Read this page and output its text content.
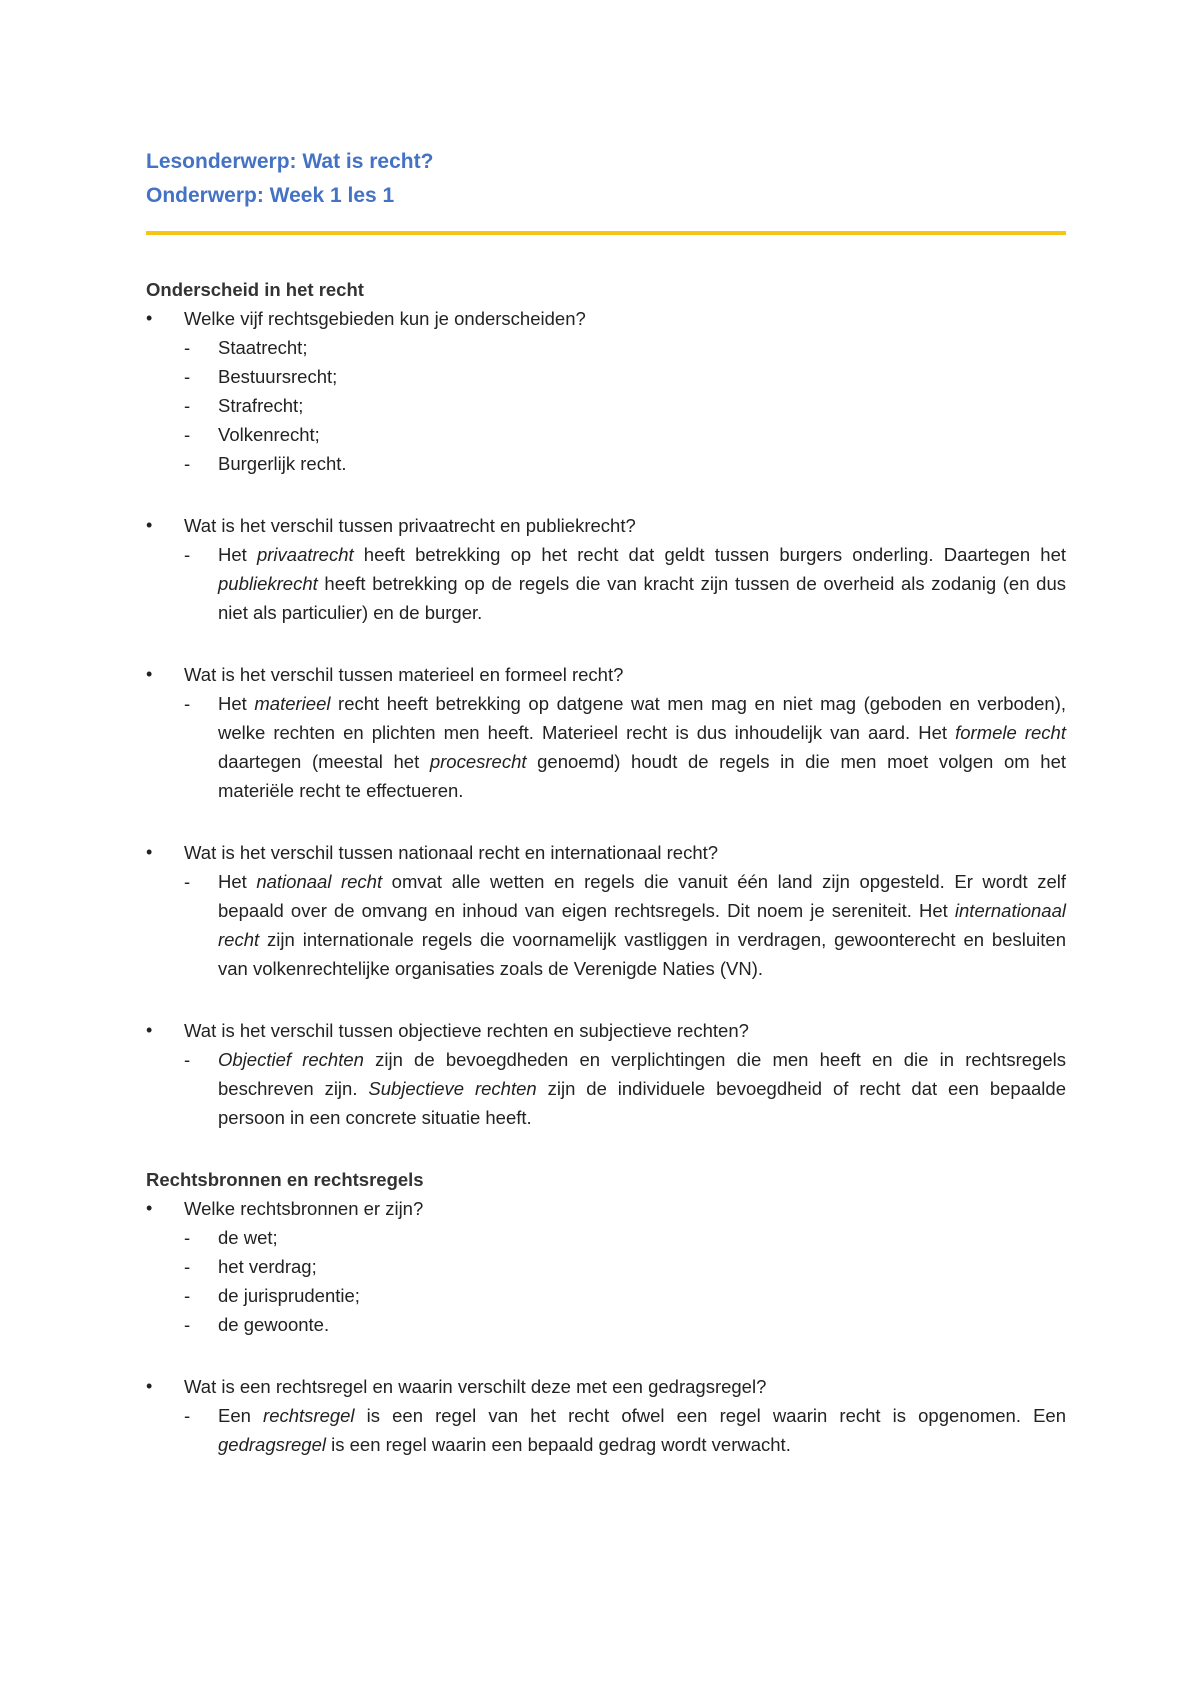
Lesonderwerp: Wat is recht?
Onderwerp: Week 1 les 1

Onderscheid in het recht

• Welke vijf rechtsgebieden kun je onderscheiden?

- Staatrecht;
- Bestuursrecht;
- Strafrecht;
- Volkenrecht;
- Burgerlijk recht.

• Wat is het verschil tussen privaatrecht en publiekrecht?

- Het privaatrecht heeft betrekking op het recht dat geldt tussen burgers onderling. Daartegen het publiekrecht heeft betrekking op de regels die van kracht zijn tussen de overheid als zodanig (en dus niet als particulier) en de burger.

• Wat is het verschil tussen materieel en formeel recht?

- Het materieel recht heeft betrekking op datgene wat men mag en niet mag (geboden en verboden), welke rechten en plichten men heeft. Materieel recht is dus inhoudelijk van aard. Het formele recht daartegen (meestal het procesrecht genoemd) houdt de regels in die men moet volgen om het materiële recht te effectueren.

• Wat is het verschil tussen nationaal recht en internationaal recht?

- Het nationaal recht omvat alle wetten en regels die vanuit één land zijn opgesteld. Er wordt zelf bepaald over de omvang en inhoud van eigen rechtsregels. Dit noem je sereniteit. Het internationaal recht zijn internationale regels die voornamelijk vastliggen in verdragen, gewoonterecht en besluiten van volkenrechtelijke organisaties zoals de Verenigde Naties (VN).

• Wat is het verschil tussen objectieve rechten en subjectieve rechten?

- Objectief rechten zijn de bevoegdheden en verplichtingen die men heeft en die in rechtsregels beschreven zijn. Subjectieve rechten zijn de individuele bevoegdheid of recht dat een bepaalde persoon in een concrete situatie heeft.

Rechtsbronnen en rechtsregels

• Welke rechtsbronnen er zijn?

- de wet;
- het verdrag;
- de jurisprudentie;
- de gewoonte.

• Wat is een rechtsregel en waarin verschilt deze met een gedragsregel?

- Een rechtsregel is een regel van het recht ofwel een regel waarin recht is opgenomen. Een gedragsregel is een regel waarin een bepaald gedrag wordt verwacht.
